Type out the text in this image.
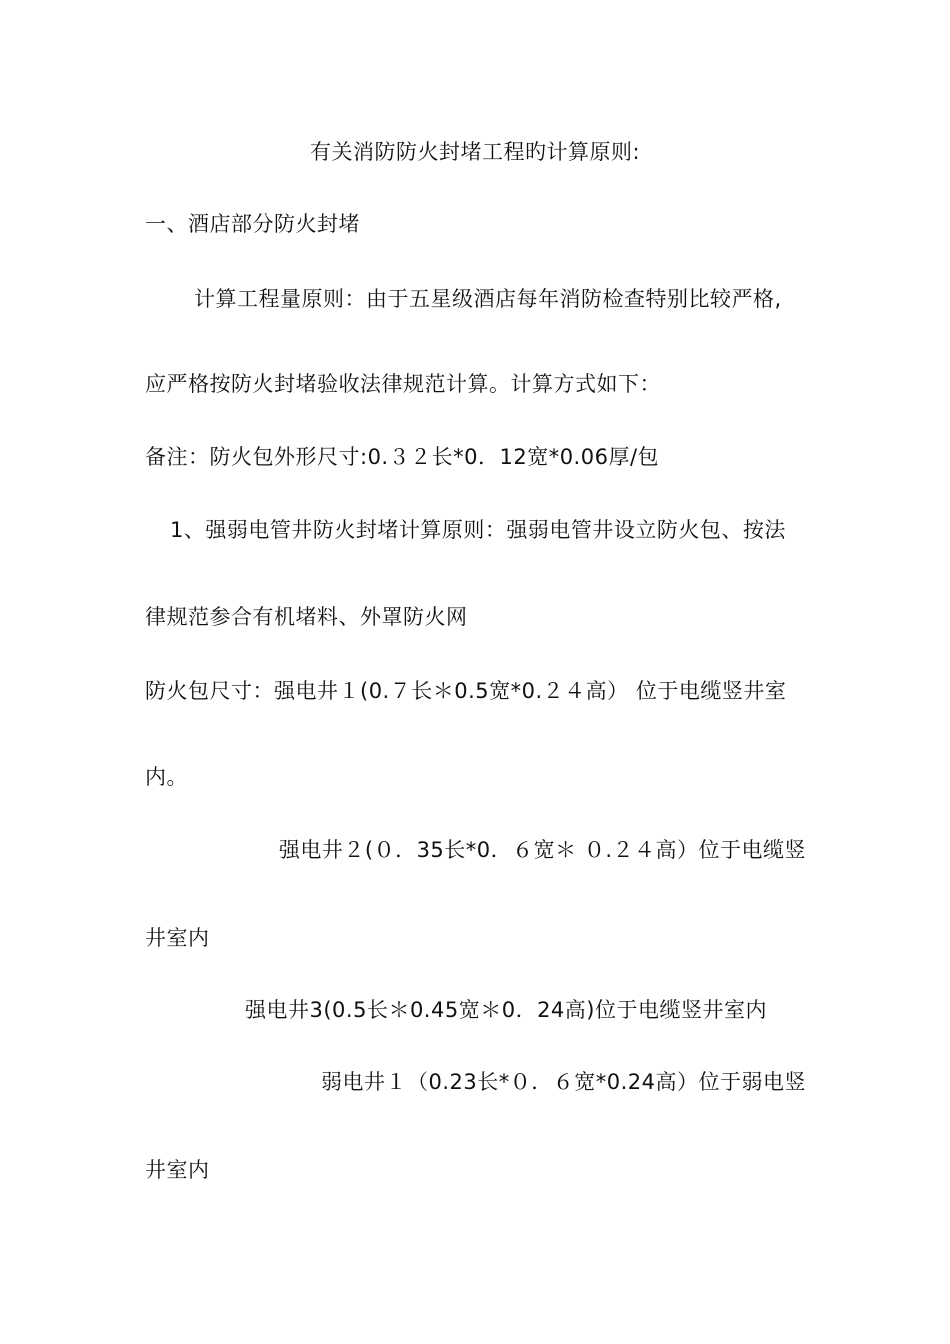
有关消防防火封堵工程旳计算原则:
一、酒店部分防火封堵
计算工程量原则：由于五星级酒店每年消防检查特别比较严格,
应严格按防火封堵验收法律规范计算。计算方式如下：
备注：防火包外形尺寸:0.３２长*0．12宽*0.06厚/包
1、强弱电管井防火封堵计算原则：强弱电管井设立防火包、按法
律规范参合有机堵料、外罩防火网
防火包尺寸：强电井１(0.７长＊0.5宽*0.２４高） 位于电缆竖井室
内。
强电井２(０．35长*0．６宽＊ ０.２４高）位于电缆竖
井室内
强电井3(0.5长＊0.45宽＊0．24高)位于电缆竖井室内
弱电井１（0.23长*０．６宽*0.24高）位于弱电竖
井室内
